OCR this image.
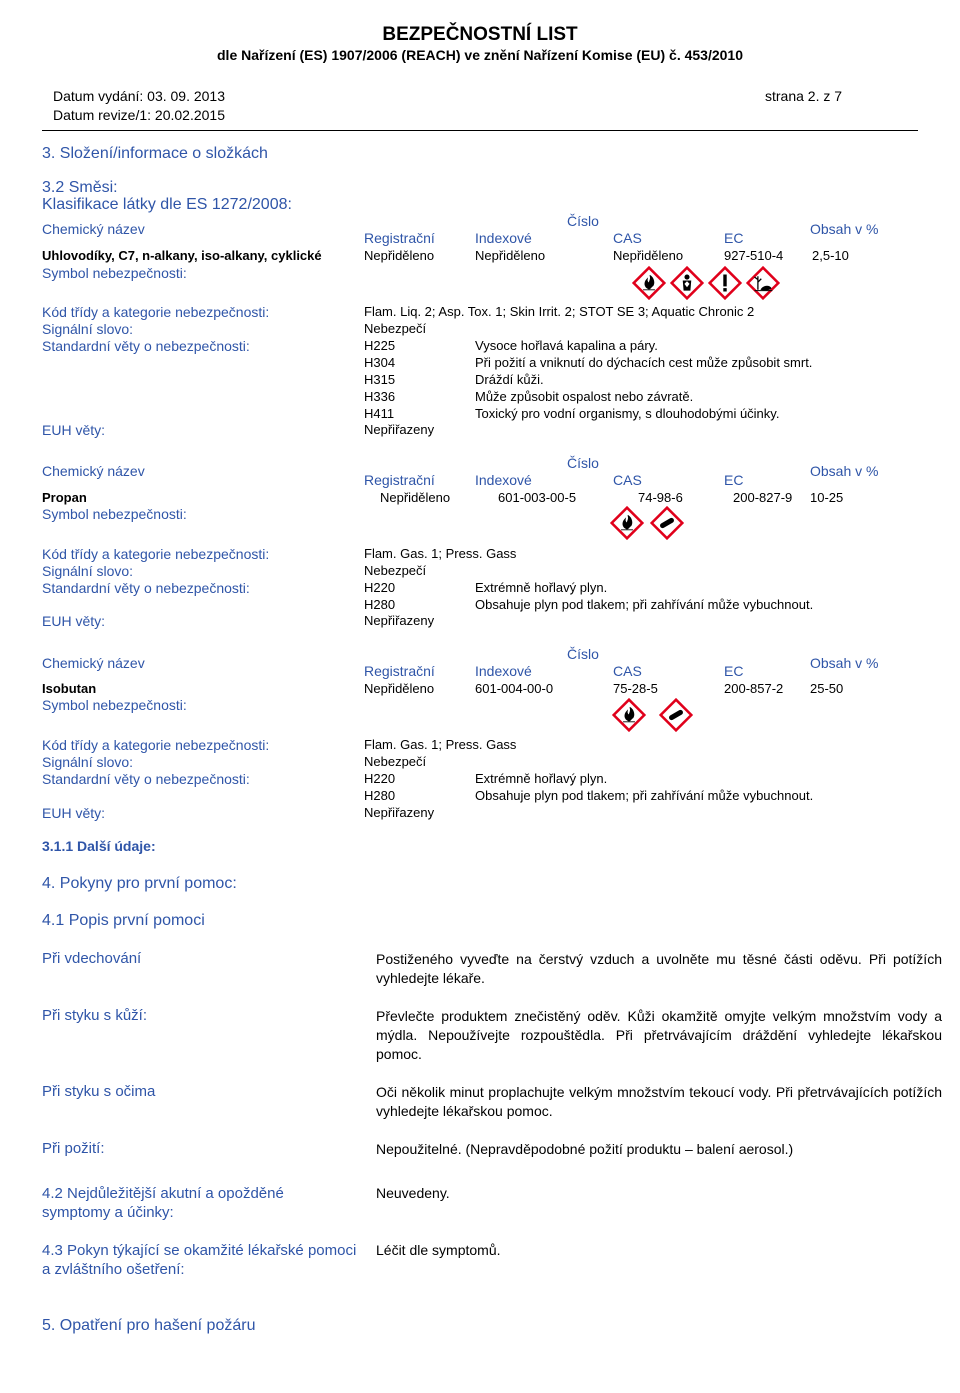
BEZPEČNOSTNÍ LIST
dle Nařízení (ES) 1907/2006 (REACH) ve znění Nařízení Komise (EU) č. 453/2010
Datum vydání: 03. 09. 2013	strana 2. z 7
Datum revize/1: 20.02.2015
3. Složení/informace o složkách
3.2 Směsi:
Klasifikace látky dle ES 1272/2008:
Chemický název	Číslo	Obsah v %
Registrační	Indexové	CAS	EC
Uhlovodíky, C7, n-alkany, iso-alkany, cyklické	Nepřiděleno	Nepřiděleno	Nepřiděleno	927-510-4 2,5-10
Symbol nebezpečnosti:
Kód třídy a kategorie nebezpečnosti:	Flam. Liq. 2; Asp. Tox. 1; Skin Irrit. 2; STOT SE 3; Aquatic Chronic 2
Signální slovo:	Nebezpečí
Standardní věty o nebezpečnosti:	H225	Vysoce hořlavá kapalina a páry.
H304	Při požití a vniknutí do dýchacích cest může způsobit smrt.
H315	Dráždí kůži.
H336	Může způsobit ospalost nebo závratě.
H411	Toxický pro vodní organismy, s dlouhodobými účinky.
EUH věty:	Nepřiřazeny
Číslo
Chemický název	Obsah v %
Registrační	Indexové	CAS	EC
Propan	Nepřiděleno	601-003-00-5	74-98-6	200-827-9 10-25
Symbol nebezpečnosti:
Kód třídy a kategorie nebezpečnosti:	Flam. Gas. 1; Press. Gass
Signální slovo:	Nebezpečí
Standardní věty o nebezpečnosti:	H220	Extrémně hořlavý plyn.
H280	Obsahuje plyn pod tlakem; při zahřívání může vybuchnout.
EUH věty:	Nepřiřazeny
Číslo
Chemický název	Obsah v %
Registrační	Indexové	CAS	EC
Isobutan	Nepřiděleno	601-004-00-0	75-28-5	200-857-2 25-50
Symbol nebezpečnosti:
Kód třídy a kategorie nebezpečnosti:	Flam. Gas. 1; Press. Gass
Signální slovo:	Nebezpečí
Standardní věty o nebezpečnosti:	H220	Extrémně hořlavý plyn.
H280	Obsahuje plyn pod tlakem; při zahřívání může vybuchnout.
EUH věty:	Nepřiřazeny
3.1.1 Další údaje:
4. Pokyny pro první pomoc:
4.1 Popis první pomoci
Při vdechování	Postiženého vyveďte na čerstvý vzduch a uvolněte mu těsné části oděvu. Při potížích vyhledejte lékaře.
Při styku s kůží:	Převlečte produktem znečistěný oděv. Kůži okamžitě omyjte velkým množstvím vody a mýdla. Nepoužívejte rozpouštědla. Při přetrvávajícím dráždění vyhledejte lékařskou pomoc.
Při styku s očima	Oči několik minut proplachujte velkým množstvím tekoucí vody. Při přetrvávajících potížích vyhledejte lékařskou pomoc.
Při požití:	Nepoužitelné. (Nepravděpodobné požití produktu – balení aerosol.)
4.2 Nejdůležitější akutní a opožděné symptomy a účinky:
Neuvedeny.
4.3 Pokyn týkající se okamžité lékařské pomoci a zvláštního ošetření:
Léčit dle symptomů.
5. Opatření pro hašení požáru
